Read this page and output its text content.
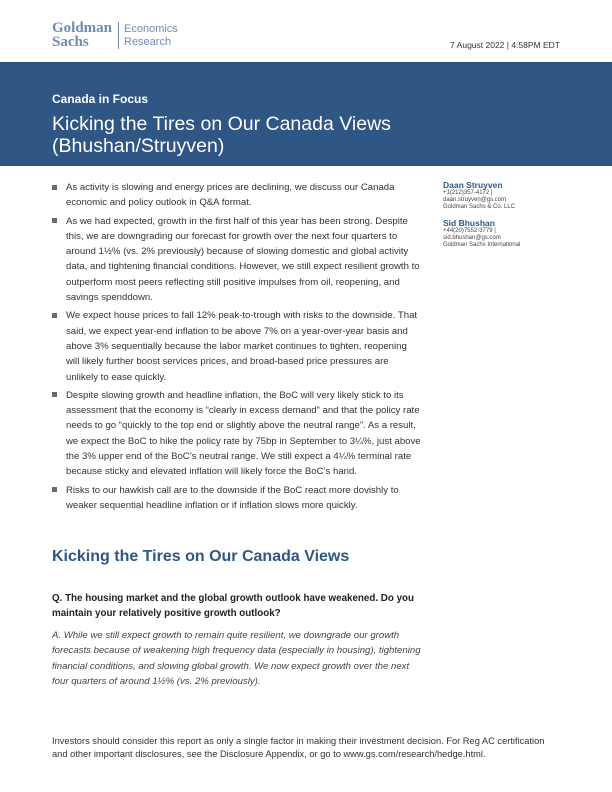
Goldman
Sachs
Economics
Research	7 August 2022 | 4:58PM EDT
Canada in Focus
Kicking the Tires on Our Canada Views (Bhushan/Struyven)
As activity is slowing and energy prices are declining, we discuss our Canada economic and policy outlook in Q&A format.
As we had expected, growth in the first half of this year has been strong. Despite this, we are downgrading our forecast for growth over the next four quarters to around 1½% (vs. 2% previously) because of slowing domestic and global activity data, and tightening financial conditions. However, we still expect resilient growth to outperform most peers reflecting still positive impulses from oil, reopening, and savings spenddown.
We expect house prices to fall 12% peak-to-trough with risks to the downside. That said, we expect year-end inflation to be above 7% on a year-over-year basis and above 3% sequentially because the labor market continues to tighten, reopening will likely further boost services prices, and broad-based price pressures are unlikely to ease quickly.
Despite slowing growth and headline inflation, the BoC will very likely stick to its assessment that the economy is “clearly in excess demand” and that the policy rate needs to go “quickly to the top end or slightly above the neutral range”. As a result, we expect the BoC to hike the policy rate by 75bp in September to 3¼%, just above the 3% upper end of the BoC’s neutral range. We still expect a 4¼% terminal rate because sticky and elevated inflation will likely force the BoC’s hand.
Risks to our hawkish call are to the downside if the BoC react more dovishly to weaker sequential headline inflation or if inflation slows more quickly.
Daan Struyven
+1(212)357-4172 |
daan.struyven@gs.com
Goldman Sachs & Co. LLC
Sid Bhushan
+44(20)7552-3779 |
sid.bhushan@gs.com
Goldman Sachs International
Kicking the Tires on Our Canada Views

Q. The housing market and the global growth outlook have weakened. Do you maintain your relatively positive growth outlook?

A. While we still expect growth to remain quite resilient, we downgrade our growth forecasts because of weakening high frequency data (especially in housing), tightening financial conditions, and slowing global growth. We now expect growth over the next four quarters of around 1½% (vs. 2% previously).

Investors should consider this report as only a single factor in making their investment decision. For Reg AC certification and other important disclosures, see the Disclosure Appendix, or go to www.gs.com/research/hedge.html.
